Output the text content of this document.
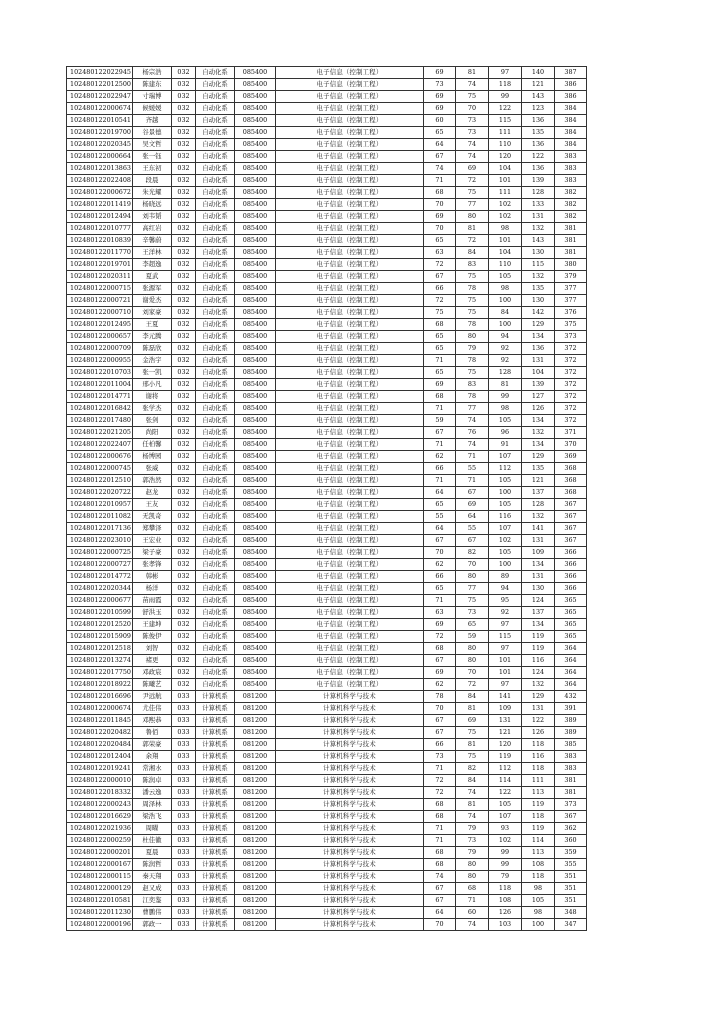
102480122022945	杨宗浩	032	自动化系	085400	电子信息（控制工程）	69	81	97	140	387
102480122012500	陈建东	032	自动化系	085400	电子信息（控制工程）	73	74	118	121	386
102480122022947	寸瑞博	032	自动化系	085400	电子信息（控制工程）	69	75	99	143	386
102480122000674	候媛媛	032	自动化系	085400	电子信息（控制工程）	69	70	122	123	384
102480122010541	齐越	032	自动化系	085400	电子信息（控制工程）	60	73	115	136	384
102480122019700	谷景德	032	自动化系	085400	电子信息（控制工程）	65	73	111	135	384
102480122020345	吴文哲	032	自动化系	085400	电子信息（控制工程）	64	74	110	136	384
102480122000664	张一钰	032	自动化系	085400	电子信息（控制工程）	67	74	120	122	383
102480122013863	王东初	032	自动化系	085400	电子信息（控制工程）	74	69	104	136	383
102480122022408	段晨	032	自动化系	085400	电子信息（控制工程）	71	72	101	139	383
102480122000672	朱光耀	032	自动化系	085400	电子信息（控制工程）	68	75	111	128	382
102480122011419	杨晓远	032	自动化系	085400	电子信息（控制工程）	70	77	102	133	382
102480122012494	刘韦韬	032	自动化系	085400	电子信息（控制工程）	69	80	102	131	382
102480122010777	高红岩	032	自动化系	085400	电子信息（控制工程）	70	81	98	132	381
102480122010839	辛馨蔚	032	自动化系	085400	电子信息（控制工程）	65	72	101	143	381
102480122011770	王洋林	032	自动化系	085400	电子信息（控制工程）	63	84	104	130	381
102480122019701	李超逸	032	自动化系	085400	电子信息（控制工程）	72	83	110	115	380
102480122020311	夏武	032	自动化系	085400	电子信息（控制工程）	67	75	105	132	379
102480122000715	张源军	032	自动化系	085400	电子信息（控制工程）	66	78	98	135	377
102480122000721	谢爱杰	032	自动化系	085400	电子信息（控制工程）	72	75	100	130	377
102480122000710	刘家豪	032	自动化系	085400	电子信息（控制工程）	75	75	84	142	376
102480122012495	王夏	032	自动化系	085400	电子信息（控制工程）	68	78	100	129	375
102480122000657	李元腾	032	自动化系	085400	电子信息（控制工程）	65	80	94	134	373
102480122000709	陈磊欣	032	自动化系	085400	电子信息（控制工程）	65	79	92	136	372
102480122000955	金浩宇	032	自动化系	085400	电子信息（控制工程）	71	78	92	131	372
102480122010703	张一凯	032	自动化系	085400	电子信息（控制工程）	65	75	128	104	372
102480122011004	邢小凡	032	自动化系	085400	电子信息（控制工程）	69	83	81	139	372
102480122014771	谢将	032	自动化系	085400	电子信息（控制工程）	68	78	99	127	372
102480122016842	张学杰	032	自动化系	085400	电子信息（控制工程）	71	77	98	126	372
102480122017480	张剑	032	自动化系	085400	电子信息（控制工程）	59	74	105	134	372
102480122021205	尚阳	032	自动化系	085400	电子信息（控制工程）	67	76	96	132	371
102480122022407	任柏馨	032	自动化系	085400	电子信息（控制工程）	71	74	91	134	370
102480122000676	杨博园	032	自动化系	085400	电子信息（控制工程）	62	71	107	129	369
102480122000745	张威	032	自动化系	085400	电子信息（控制工程）	66	55	112	135	368
102480122012510	郭浩然	032	自动化系	085400	电子信息（控制工程）	71	71	105	121	368
102480122020722	赵龙	032	自动化系	085400	电子信息（控制工程）	64	67	100	137	368
102480122010957	王友	032	自动化系	085400	电子信息（控制工程）	65	69	105	128	367
102480122011082	无凯奇	032	自动化系	085400	电子信息（控制工程）	55	64	116	132	367
102480122017136	郑攀泽	032	自动化系	085400	电子信息（控制工程）	64	55	107	141	367
102480122023010	王宏业	032	自动化系	085400	电子信息（控制工程）	67	67	102	131	367
102480122000725	梁子豪	032	自动化系	085400	电子信息（控制工程）	70	82	105	109	366
102480122000727	张孝锋	032	自动化系	085400	电子信息（控制工程）	62	70	100	134	366
102480122014772	韩彬	032	自动化系	085400	电子信息（控制工程）	66	80	89	131	366
102480122020344	杨洋	032	自动化系	085400	电子信息（控制工程）	65	77	94	130	366
102480122000677	苗雨霞	032	自动化系	085400	电子信息（控制工程）	71	75	95	124	365
102480122010599	舒洪玉	032	自动化系	085400	电子信息（控制工程）	63	73	92	137	365
102480122012520	王建坤	032	自动化系	085400	电子信息（控制工程）	69	65	97	134	365
102480122015909	陈俊伊	032	自动化系	085400	电子信息（控制工程）	72	59	115	119	365
102480122012518	刘智	032	自动化系	085400	电子信息（控制工程）	68	80	97	119	364
102480122013274	褚更	032	自动化系	085400	电子信息（控制工程）	67	80	101	116	364
102480122017750	邓政宸	032	自动化系	085400	电子信息（控制工程）	69	70	101	124	364
102480122018922	陈曦艺	032	自动化系	085400	电子信息（控制工程）	62	72	97	132	364
102480122016696	尹远航	033	计算机系	081200	计算机科学与技术	78	84	141	129	432
102480122000674	尤佳伟	033	计算机系	081200	计算机科学与技术	70	81	109	131	391
102480122011845	邓熙恭	033	计算机系	081200	计算机科学与技术	67	69	131	122	389
102480122020482	鲁佰	033	计算机系	081200	计算机科学与技术	67	75	121	126	389
102480122020484	郭荣豪	033	计算机系	081200	计算机科学与技术	66	81	120	118	385
102480122012404	余翔	033	计算机系	081200	计算机科学与技术	73	75	119	116	383
102480122019241	常湘水	033	计算机系	081200	计算机科学与技术	71	82	112	118	383
102480122000010	陈润卓	033	计算机系	081200	计算机科学与技术	72	84	114	111	381
102480122018332	潘云逸	033	计算机系	081200	计算机科学与技术	72	74	122	113	381
102480122000243	周泽林	033	计算机系	081200	计算机科学与技术	68	81	105	119	373
102480122016629	梁浩飞	033	计算机系	081200	计算机科学与技术	68	74	107	118	367
102480122021936	周曜	033	计算机系	081200	计算机科学与技术	71	79	93	119	362
102480122000259	杜佳徽	033	计算机系	081200	计算机科学与技术	71	73	102	114	360
102480122000201	夏晨	033	计算机系	081200	计算机科学与技术	68	79	99	113	359
102480122000167	陈润哲	033	计算机系	081200	计算机科学与技术	68	80	99	108	355
102480122000115	秦天翔	033	计算机系	081200	计算机科学与技术	74	80	79	118	351
102480122000129	赵又成	033	计算机系	081200	计算机科学与技术	67	68	118	98	351
102480122010581	江奕鉴	033	计算机系	081200	计算机科学与技术	67	71	108	105	351
102480122011230	曹鹏伟	033	计算机系	081200	计算机科学与技术	64	60	126	98	348
102480122000196	郭政一	033	计算机系	081200	计算机科学与技术	70	74	103	100	347
